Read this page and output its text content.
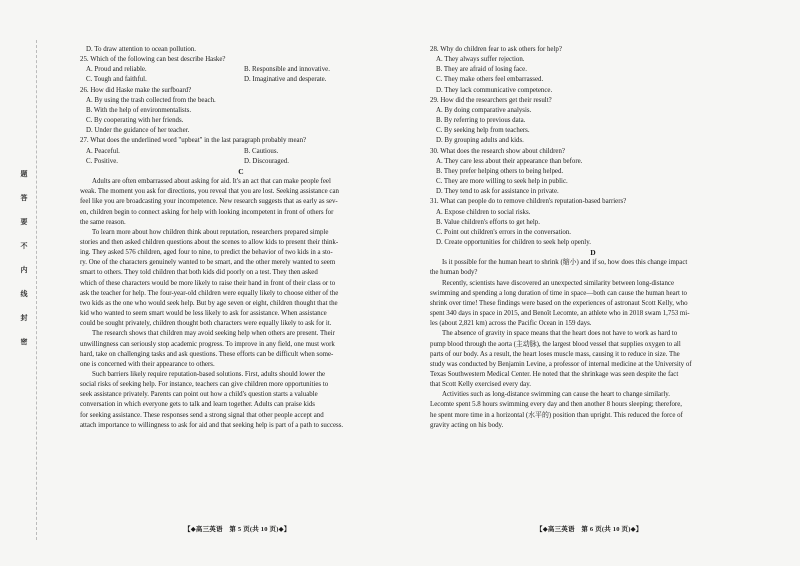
题
答
要
不
内
线
封
密
D. To draw attention to ocean pollution.
25. Which of the following can best describe Haske?
A. Proud and reliable.	B. Responsible and innovative.
C. Tough and faithful.	D. Imaginative and desperate.
26. How did Haske make the surfboard?
A. By using the trash collected from the beach.
B. With the help of environmentalists.
C. By cooperating with her friends.
D. Under the guidance of her teacher.
27. What does the underlined word "upbeat" in the last paragraph probably mean?
A. Peaceful.	B. Cautious.
C. Positive.	D. Discouraged.
C
Adults are often embarrassed about asking for aid. It's an act that can make people feel
weak. The moment you ask for directions, you reveal that you are lost. Seeking assistance can
feel like you are broadcasting your incompetence. New research suggests that as early as sev-
en, children begin to connect asking for help with looking incompetent in front of others for
the same reason.
To learn more about how children think about reputation, researchers prepared simple
stories and then asked children questions about the scenes to allow kids to present their think-
ing. They asked 576 children, aged four to nine, to predict the behavior of two kids in a sto-
ry. One of the characters genuinely wanted to be smart, and the other merely wanted to seem
smart to others. They told children that both kids did poorly on a test. They then asked
which of these characters would be more likely to raise their hand in front of their class or to
ask the teacher for help. The four-year-old children were equally likely to choose either of the
two kids as the one who would seek help. But by age seven or eight, children thought that the
kid who wanted to seem smart would be less likely to ask for assistance. When assistance
could be sought privately, children thought both characters were equally likely to ask for it.
The research shows that children may avoid seeking help when others are present. Their
unwillingness can seriously stop academic progress. To improve in any field, one must work
hard, take on challenging tasks and ask questions. These efforts can be difficult when some-
one is concerned with their appearance to others.
Such barriers likely require reputation-based solutions. First, adults should lower the
social risks of seeking help. For instance, teachers can give children more opportunities to
seek assistance privately. Parents can point out how a child's question starts a valuable
conversation in which everyone gets to talk and learn together. Adults can praise kids
for seeking assistance. These responses send a strong signal that other people accept and
attach importance to willingness to ask for aid and that seeking help is part of a path to success.
28. Why do children fear to ask others for help?
A. They always suffer rejection.
B. They are afraid of losing face.
C. They make others feel embarrassed.
D. They lack communicative competence.
29. How did the researchers get their result?
A. By doing comparative analysis.
B. By referring to previous data.
C. By seeking help from teachers.
D. By grouping adults and kids.
30. What does the research show about children?
A. They care less about their appearance than before.
B. They prefer helping others to being helped.
C. They are more willing to seek help in public.
D. They tend to ask for assistance in private.
31. What can people do to remove children's reputation-based barriers?
A. Expose children to social risks.
B. Value children's efforts to get help.
C. Point out children's errors in the conversation.
D. Create opportunities for children to seek help openly.
D
Is it possible for the human heart to shrink (缩小) and if so, how does this change impact
the human body?
Recently, scientists have discovered an unexpected similarity between long-distance
swimming and spending a long duration of time in space—both can cause the human heart to
shrink over time! These findings were based on the experiences of astronaut Scott Kelly, who
spent 340 days in space in 2015, and Benoît Lecomte, an athlete who in 2018 swam 1,753 mi-
les (about 2,821 km) across the Pacific Ocean in 159 days.
The absence of gravity in space means that the heart does not have to work as hard to
pump blood through the aorta (主动脉), the largest blood vessel that supplies oxygen to all
parts of our body. As a result, the heart loses muscle mass, causing it to reduce in size. The
study was conducted by Benjamin Levine, a professor of internal medicine at the University of
Texas Southwestern Medical Center. He noted that the shrinkage was seen despite the fact
that Scott Kelly exercised every day.
Activities such as long-distance swimming can cause the heart to change similarly.
Lecomte spent 5.8 hours swimming every day and then another 8 hours sleeping; therefore,
he spent more time in a horizontal (水平的) position than upright. This reduced the force of
gravity acting on his body.
【◆高三英语　第 5 页(共 10 页)◆】	【◆高三英语　第 6 页(共 10 页)◆】
